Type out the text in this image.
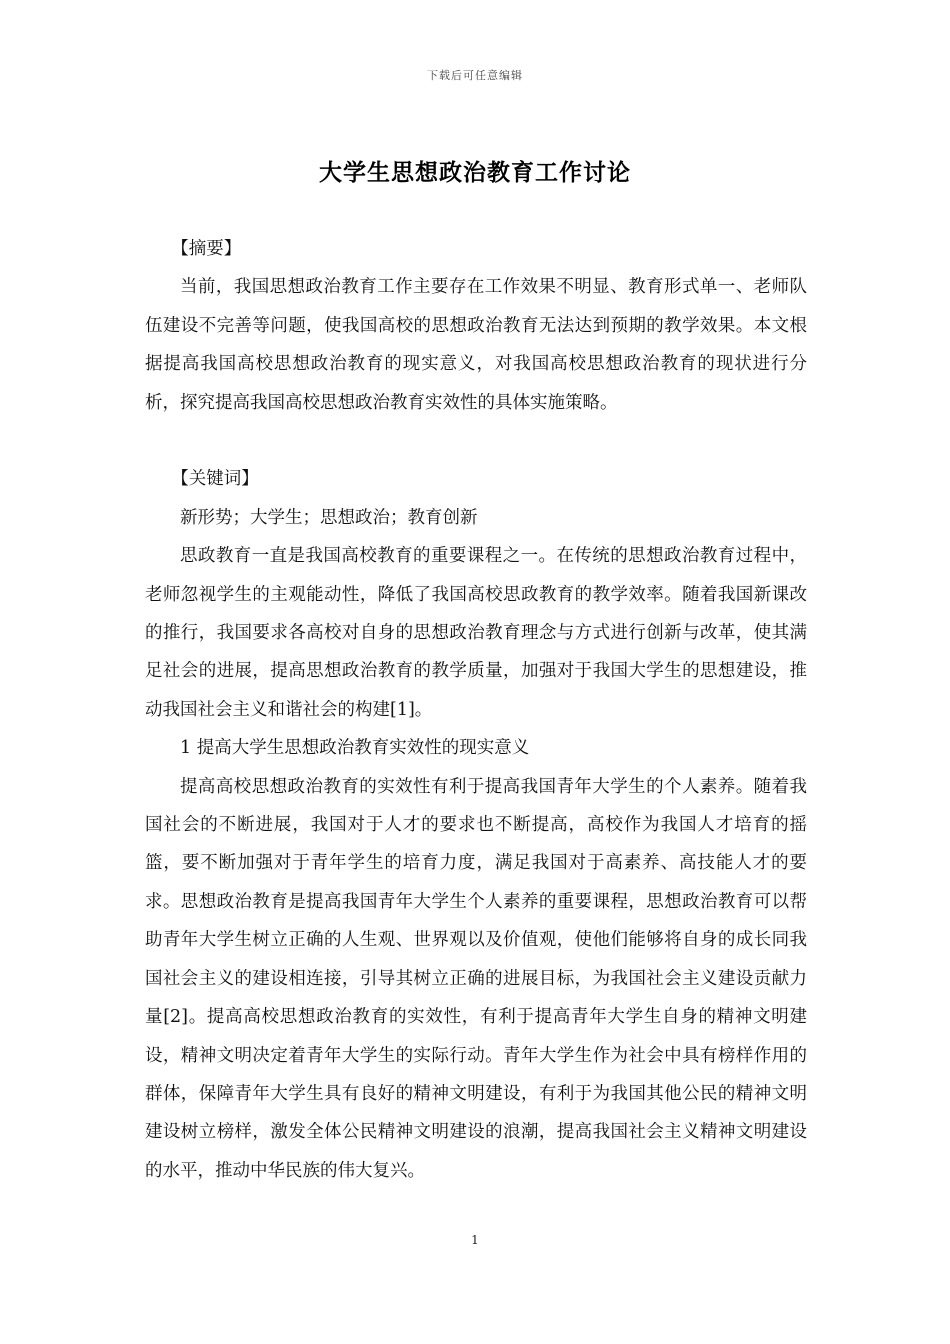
下载后可任意编辑
大学生思想政治教育工作讨论

【摘要】

当前，我国思想政治教育工作主要存在工作效果不明显、教育形式单一、老师队伍建设不完善等问题，使我国高校的思想政治教育无法达到预期的教学效果。本文根据提高我国高校思想政治教育的现实意义，对我国高校思想政治教育的现状进行分析，探究提高我国高校思想政治教育实效性的具体实施策略。

【关键词】

新形势；大学生；思想政治；教育创新

思政教育一直是我国高校教育的重要课程之一。在传统的思想政治教育过程中，老师忽视学生的主观能动性，降低了我国高校思政教育的教学效率。随着我国新课改的推行，我国要求各高校对自身的思想政治教育理念与方式进行创新与改革，使其满足社会的进展，提高思想政治教育的教学质量，加强对于我国大学生的思想建设，推动我国社会主义和谐社会的构建[1]。

1 提高大学生思想政治教育实效性的现实意义

提高高校思想政治教育的实效性有利于提高我国青年大学生的个人素养。随着我国社会的不断进展，我国对于人才的要求也不断提高，高校作为我国人才培育的摇篮，要不断加强对于青年学生的培育力度，满足我国对于高素养、高技能人才的要求。思想政治教育是提高我国青年大学生个人素养的重要课程，思想政治教育可以帮助青年大学生树立正确的人生观、世界观以及价值观，使他们能够将自身的成长同我国社会主义的建设相连接，引导其树立正确的进展目标，为我国社会主义建设贡献力量[2]。提高高校思想政治教育的实效性，有利于提高青年大学生自身的精神文明建设，精神文明决定着青年大学生的实际行动。青年大学生作为社会中具有榜样作用的群体，保障青年大学生具有良好的精神文明建设，有利于为我国其他公民的精神文明建设树立榜样，激发全体公民精神文明建设的浪潮，提高我国社会主义精神文明建设的水平，推动中华民族的伟大复兴。

1
